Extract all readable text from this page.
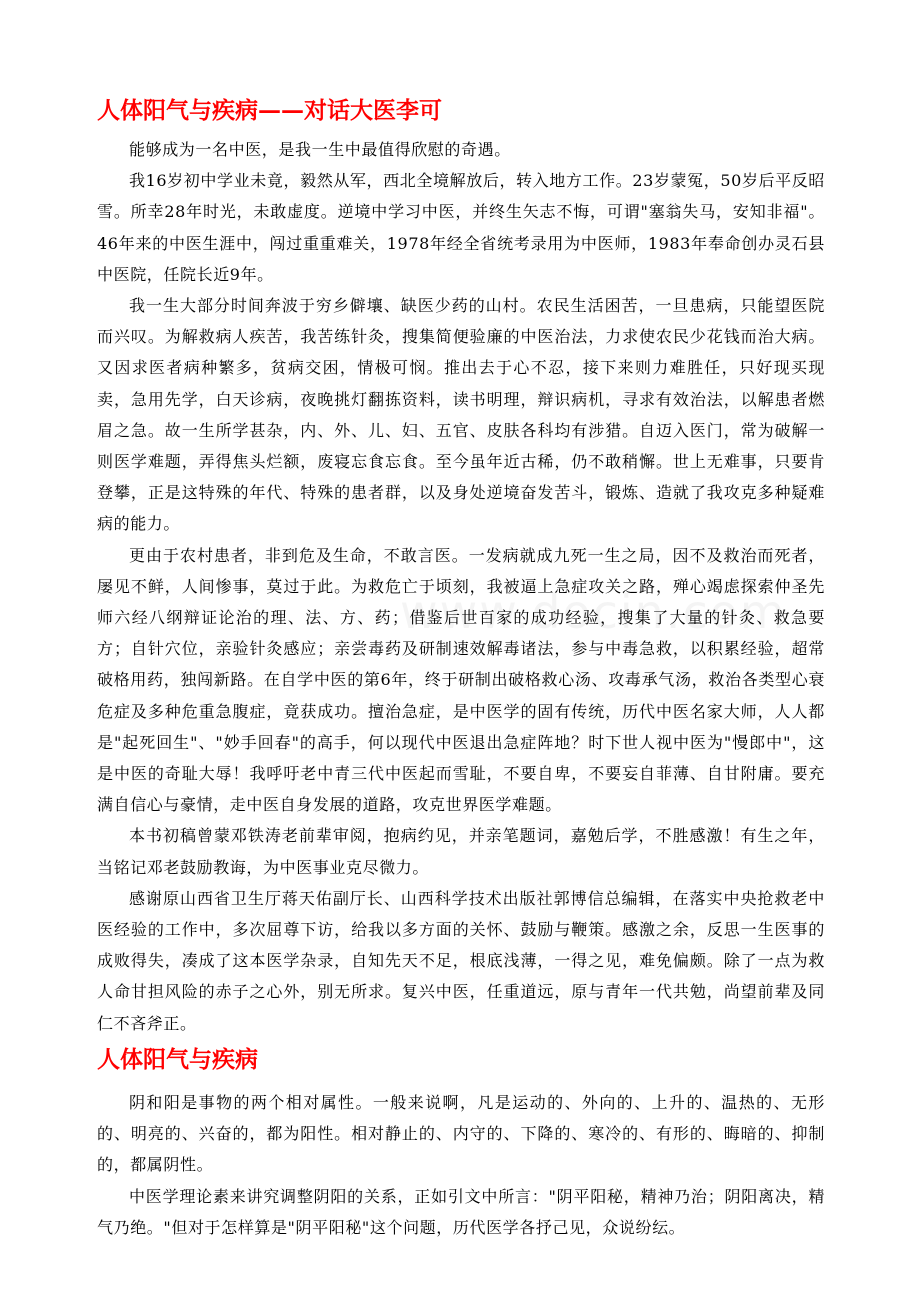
人体阳气与疾病——对话大医李可

能够成为一名中医，是我一生中最值得欣慰的奇遇。

我16岁初中学业未竟，毅然从军，西北全境解放后，转入地方工作。23岁蒙冤，50岁后平反昭雪。所幸28年时光，未敢虚度。逆境中学习中医，并终生矢志不悔，可谓"塞翁失马，安知非福"。46年来的中医生涯中，闯过重重难关，1978年经全省统考录用为中医师，1983年奉命创办灵石县中医院，任院长近9年。

我一生大部分时间奔波于穷乡僻壤、缺医少药的山村。农民生活困苦，一旦患病，只能望医院而兴叹。为解救病人疾苦，我苦练针灸，搜集简便验廉的中医治法，力求使农民少花钱而治大病。又因求医者病种繁多，贫病交困，情极可悯。推出去于心不忍，接下来则力难胜任，只好现买现卖，急用先学，白天诊病，夜晚挑灯翻拣资料，读书明理，辩识病机，寻求有效治法，以解患者燃眉之急。故一生所学甚杂，内、外、儿、妇、五官、皮肤各科均有涉猎。自迈入医门，常为破解一则医学难题，弄得焦头烂额，废寝忘食忘食。至今虽年近古稀，仍不敢稍懈。世上无难事，只要肯登攀，正是这特殊的年代、特殊的患者群，以及身处逆境奋发苦斗，锻炼、造就了我攻克多种疑难病的能力。

更由于农村患者，非到危及生命，不敢言医。一发病就成九死一生之局，因不及救治而死者，屡见不鲜，人间惨事，莫过于此。为救危亡于顷刻，我被逼上急症攻关之路，殚心竭虑探索仲圣先师六经八纲辩证论治的理、法、方、药；借鉴后世百家的成功经验，搜集了大量的针灸、救急要方；自针穴位，亲验针灸感应；亲尝毒药及研制速效解毒诸法，参与中毒急救，以积累经验，超常破格用药，独闯新路。在自学中医的第6年，终于研制出破格救心汤、攻毒承气汤，救治各类型心衰危症及多种危重急腹症，竟获成功。擅治急症，是中医学的固有传统，历代中医名家大师，人人都是"起死回生"、"妙手回春"的高手，何以现代中医退出急症阵地？时下世人视中医为"慢郎中"，这是中医的奇耻大辱！我呼吁老中青三代中医起而雪耻，不要自卑，不要妄自菲薄、自甘附庸。要充满自信心与豪情，走中医自身发展的道路，攻克世界医学难题。

本书初稿曾蒙邓铁涛老前辈审阅，抱病约见，并亲笔题词，嘉勉后学，不胜感激！有生之年，当铭记邓老鼓励教诲，为中医事业克尽微力。

感谢原山西省卫生厅蒋天佑副厅长、山西科学技术出版社郭博信总编辑，在落实中央抢救老中医经验的工作中，多次屈尊下访，给我以多方面的关怀、鼓励与鞭策。感激之余，反思一生医事的成败得失，凑成了这本医学杂录，自知先天不足，根底浅薄，一得之见，难免偏颇。除了一点为救人命甘担风险的赤子之心外，别无所求。复兴中医，任重道远，原与青年一代共勉，尚望前辈及同仁不吝斧正。

人体阳气与疾病

阴和阳是事物的两个相对属性。一般来说啊，凡是运动的、外向的、上升的、温热的、无形的、明亮的、兴奋的，都为阳性。相对静止的、内守的、下降的、寒冷的、有形的、晦暗的、抑制的，都属阴性。

中医学理论素来讲究调整阴阳的关系，正如引文中所言："阴平阳秘，精神乃治；阴阳离决，精气乃绝。"但对于怎样算是"阴平阳秘"这个问题，历代医学各抒己见，众说纷纭。
